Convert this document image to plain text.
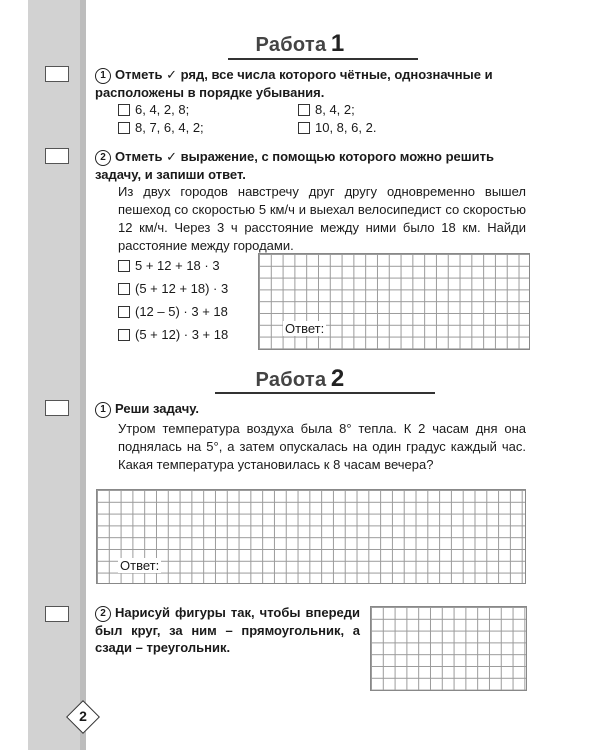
Работа 1
1 Отметь ✓ ряд, все числа которого чётные, однозначные и расположены в порядке убывания.
6, 4, 2, 8;	8, 4, 2;
8, 7, 6, 4, 2;	10, 8, 6, 2.
2 Отметь ✓ выражение, с помощью которого можно решить задачу, и запиши ответ.
Из двух городов навстречу друг другу одновременно вышел пешеход со скоростью 5 км/ч и выехал велосипедист со скоростью 12 км/ч. Через 3 ч расстояние между ними было 18 км. Найди расстояние между городами.
5 + 12 + 18 · 3
(5 + 12 + 18) · 3
(12 – 5) · 3 + 18
(5 + 12) · 3 + 18	Ответ:
Работа 2
1 Реши задачу.
Утром температура воздуха была 8° тепла. К 2 часам дня она поднялась на 5°, а затем опускалась на один градус каждый час. Какая температура установилась к 8 часам вечера?
Ответ:
2 Нарисуй фигуры так, чтобы впереди был круг, за ним – прямоугольник, а сзади – треугольник.
2
